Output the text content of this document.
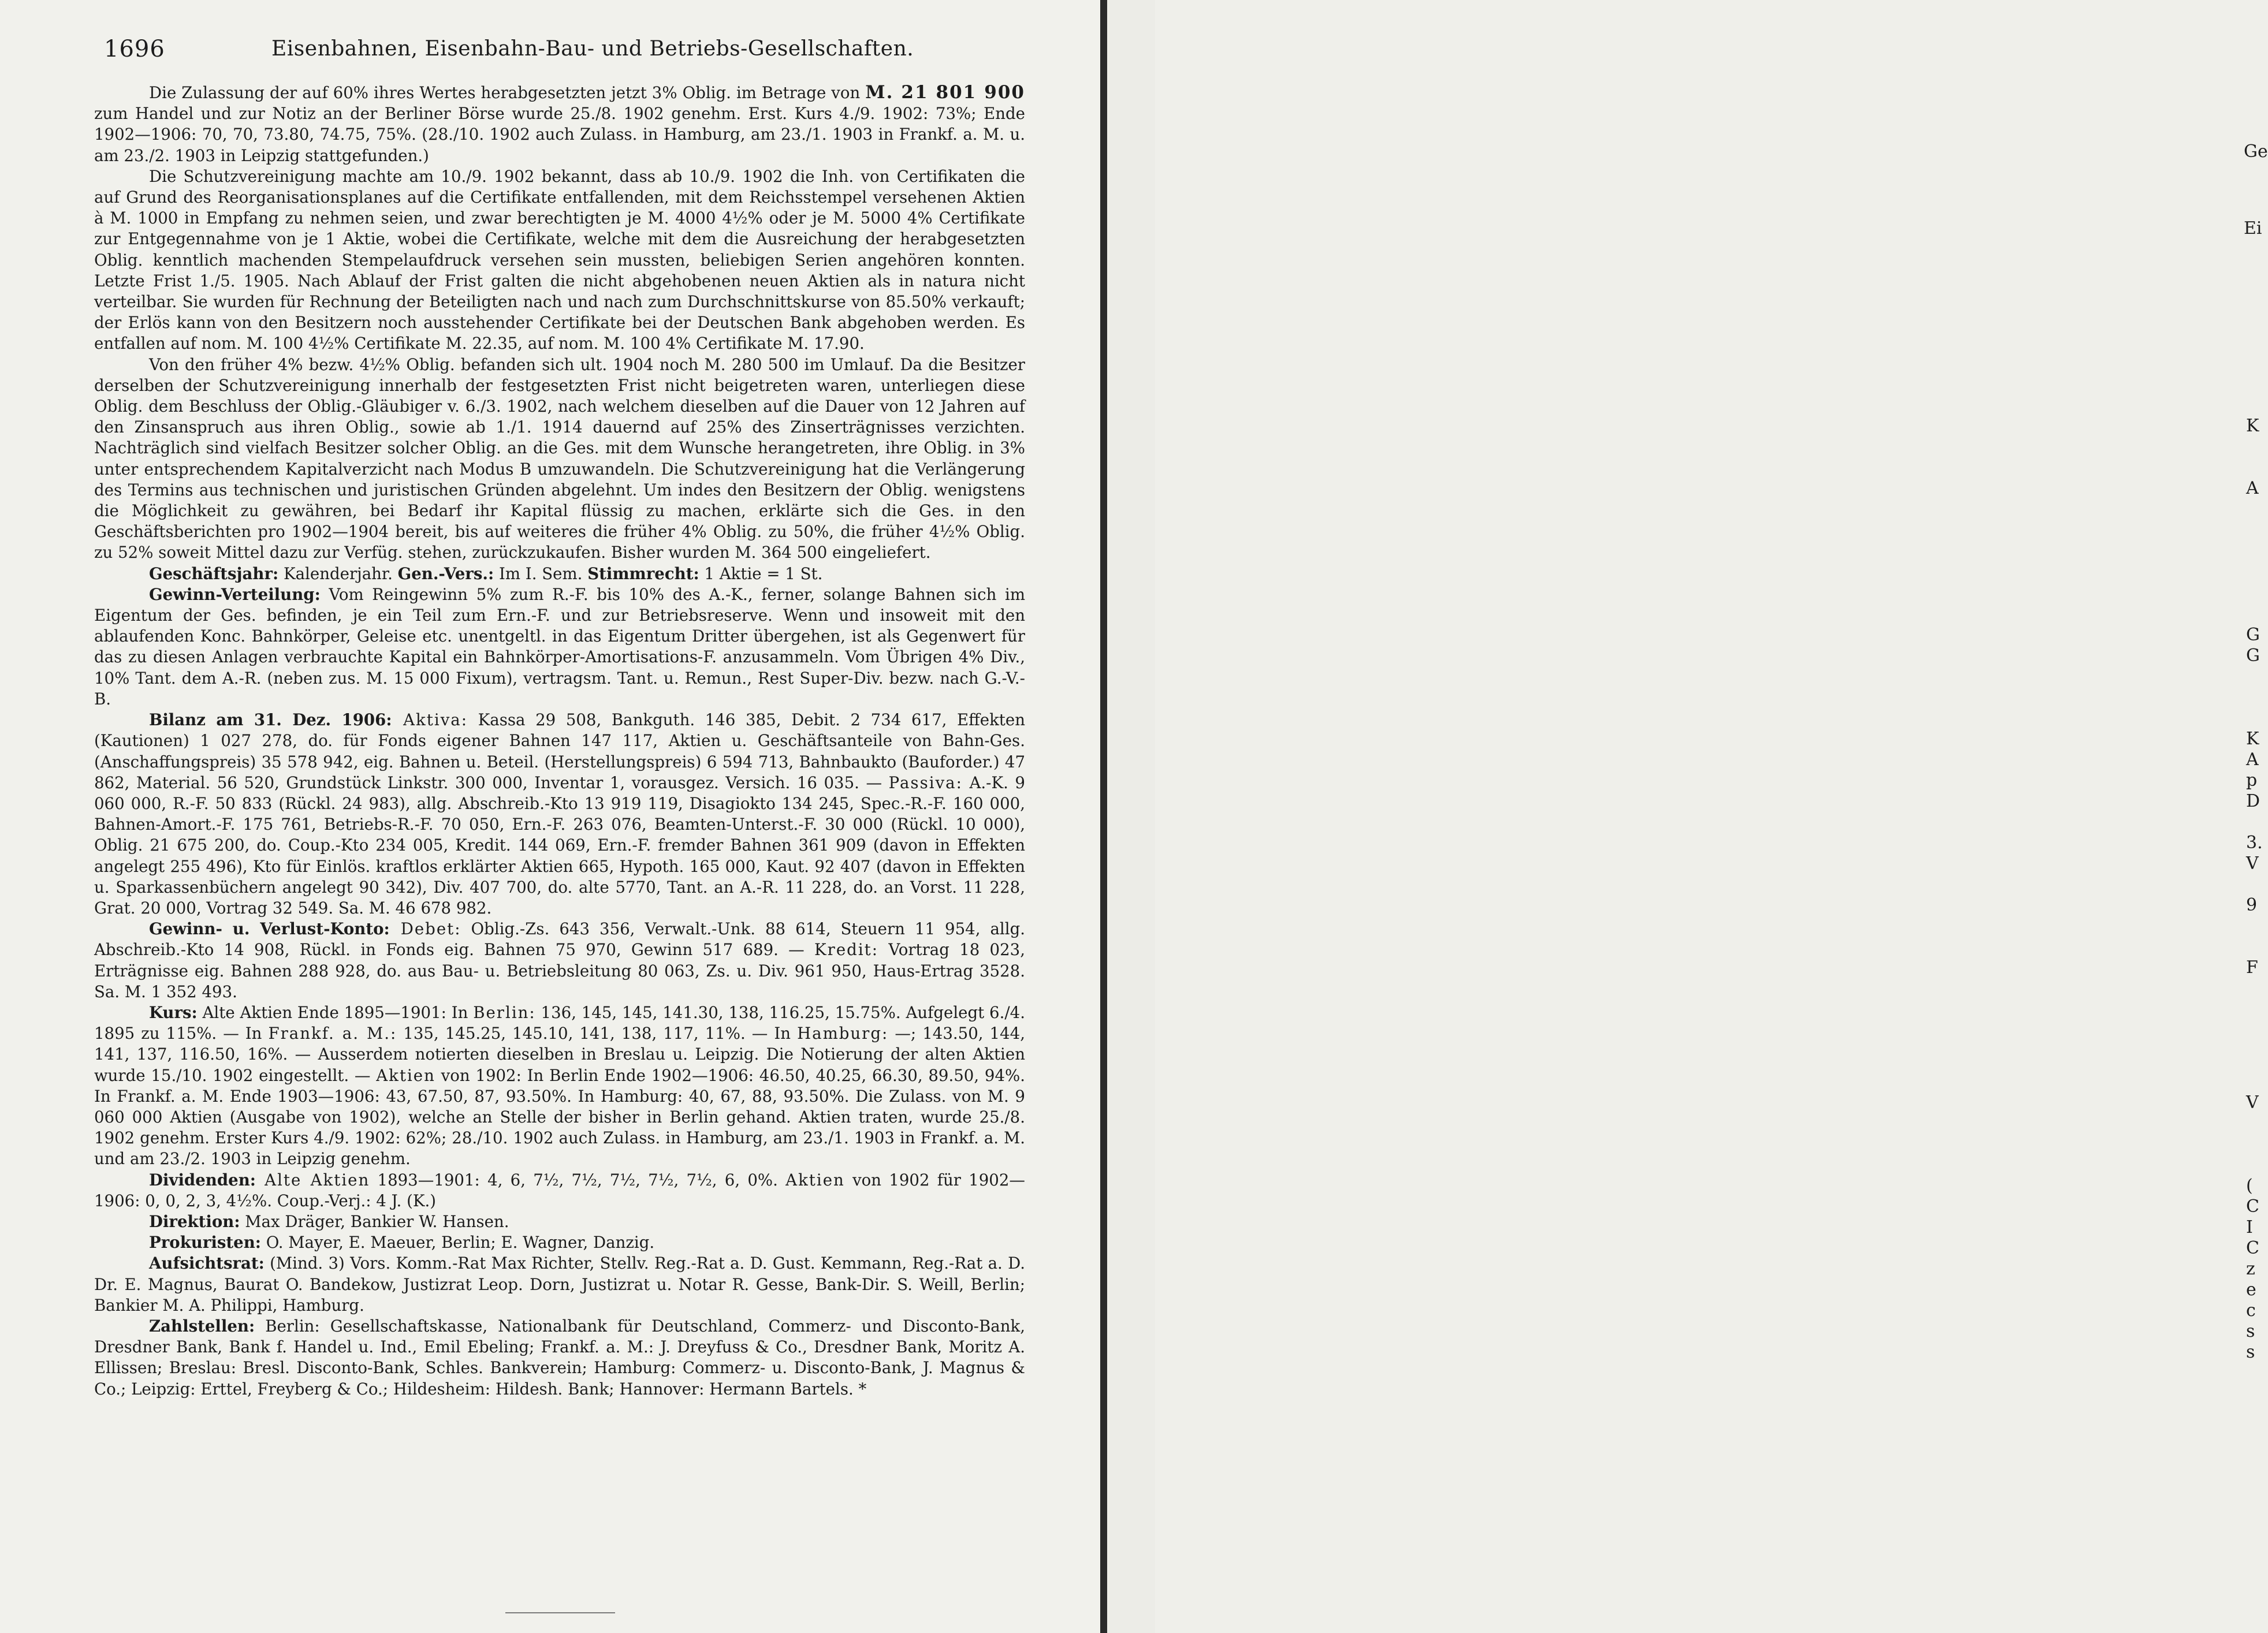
1696	Eisenbahnen, Eisenbahn-Bau- und Betriebs-Gesellschaften.

Die Zulassung der auf 60% ihres Wertes herabgesetzten jetzt 3% Oblig. im Betrage von M. 21 801 900 zum Handel und zur Notiz an der Berliner Börse wurde 25./8. 1902 genehm. Erst. Kurs 4./9. 1902: 73%; Ende 1902—1906: 70, 70, 73.80, 74.75, 75%. (28./10. 1902 auch Zulass. in Hamburg, am 23./1. 1903 in Frankf. a. M. u. am 23./2. 1903 in Leipzig stattgefunden.)

Die Schutzvereinigung machte am 10./9. 1902 bekannt, dass ab 10./9. 1902 die Inh. von Certifikaten die auf Grund des Reorganisationsplanes auf die Certifikate entfallenden, mit dem Reichsstempel versehenen Aktien à M. 1000 in Empfang zu nehmen seien, und zwar berechtigten je M. 4000 4½% oder je M. 5000 4% Certifikate zur Entgegennahme von je 1 Aktie, wobei die Certifikate, welche mit dem die Ausreichung der herabgesetzten Oblig. kenntlich machenden Stempelaufdruck versehen sein mussten, beliebigen Serien angehören konnten. Letzte Frist 1./5. 1905. Nach Ablauf der Frist galten die nicht abgehobenen neuen Aktien als in natura nicht verteilbar. Sie wurden für Rechnung der Beteiligten nach und nach zum Durchschnittskurse von 85.50% verkauft; der Erlös kann von den Besitzern noch ausstehender Certifikate bei der Deutschen Bank abgehoben werden. Es entfallen auf nom. M. 100 4½% Certifikate M. 22.35, auf nom. M. 100 4% Certifikate M. 17.90.

Von den früher 4% bezw. 4½% Oblig. befanden sich ult. 1904 noch M. 280 500 im Umlauf. Da die Besitzer derselben der Schutzvereinigung innerhalb der festgesetzten Frist nicht beigetreten waren, unterliegen diese Oblig. dem Beschluss der Oblig.-Gläubiger v. 6./3. 1902, nach welchem dieselben auf die Dauer von 12 Jahren auf den Zinsanspruch aus ihren Oblig., sowie ab 1./1. 1914 dauernd auf 25% des Zinserträgnisses verzichten. Nachträglich sind vielfach Besitzer solcher Oblig. an die Ges. mit dem Wunsche herangetreten, ihre Oblig. in 3% unter entsprechendem Kapitalverzicht nach Modus B umzuwandeln. Die Schutzvereinigung hat die Verlängerung des Termins aus technischen und juristischen Gründen abgelehnt. Um indes den Besitzern der Oblig. wenigstens die Möglichkeit zu gewähren, bei Bedarf ihr Kapital flüssig zu machen, erklärte sich die Ges. in den Geschäftsberichten pro 1902—1904 bereit, bis auf weiteres die früher 4% Oblig. zu 50%, die früher 4½% Oblig. zu 52% soweit Mittel dazu zur Verfüg. stehen, zurückzukaufen. Bisher wurden M. 364 500 eingeliefert.

Geschäftsjahr: Kalenderjahr. Gen.-Vers.: Im I. Sem. Stimmrecht: 1 Aktie = 1 St.

Gewinn-Verteilung: Vom Reingewinn 5% zum R.-F. bis 10% des A.-K., ferner, solange Bahnen sich im Eigentum der Ges. befinden, je ein Teil zum Ern.-F. und zur Betriebsreserve. Wenn und insoweit mit den ablaufenden Konc. Bahnkörper, Geleise etc. unentgeltl. in das Eigentum Dritter übergehen, ist als Gegenwert für das zu diesen Anlagen verbrauchte Kapital ein Bahnkörper-Amortisations-F. anzusammeln. Vom Übrigen 4% Div., 10% Tant. dem A.-R. (neben zus. M. 15 000 Fixum), vertragsm. Tant. u. Remun., Rest Super-Div. bezw. nach G.-V.-B.

Bilanz am 31. Dez. 1906: Aktiva: Kassa 29 508, Bankguth. 146 385, Debit. 2 734 617, Effekten (Kautionen) 1 027 278, do. für Fonds eigener Bahnen 147 117, Aktien u. Geschäftsanteile von Bahn-Ges. (Anschaffungspreis) 35 578 942, eig. Bahnen u. Beteil. (Herstellungspreis) 6 594 713, Bahnbaukto (Bauforder.) 47 862, Material. 56 520, Grundstück Linkstr. 300 000, Inventar 1, vorausgez. Versich. 16 035. — Passiva: A.-K. 9 060 000, R.-F. 50 833 (Rückl. 24 983), allg. Abschreib.-Kto 13 919 119, Disagiokto 134 245, Spec.-R.-F. 160 000, Bahnen-Amort.-F. 175 761, Betriebs-R.-F. 70 050, Ern.-F. 263 076, Beamten-Unterst.-F. 30 000 (Rückl. 10 000), Oblig. 21 675 200, do. Coup.-Kto 234 005, Kredit. 144 069, Ern.-F. fremder Bahnen 361 909 (davon in Effekten angelegt 255 496), Kto für Einlös. kraftlos erklärter Aktien 665, Hypoth. 165 000, Kaut. 92 407 (davon in Effekten u. Sparkassenbüchern angelegt 90 342), Div. 407 700, do. alte 5770, Tant. an A.-R. 11 228, do. an Vorst. 11 228, Grat. 20 000, Vortrag 32 549. Sa. M. 46 678 982.

Gewinn- u. Verlust-Konto: Debet: Oblig.-Zs. 643 356, Verwalt.-Unk. 88 614, Steuern 11 954, allg. Abschreib.-Kto 14 908, Rückl. in Fonds eig. Bahnen 75 970, Gewinn 517 689. — Kredit: Vortrag 18 023, Erträgnisse eig. Bahnen 288 928, do. aus Bau- u. Betriebsleitung 80 063, Zs. u. Div. 961 950, Haus-Ertrag 3528. Sa. M. 1 352 493.

Kurs: Alte Aktien Ende 1895—1901: In Berlin: 136, 145, 145, 141.30, 138, 116.25, 15.75%. Aufgelegt 6./4. 1895 zu 115%. — In Frankf. a. M.: 135, 145.25, 145.10, 141, 138, 117, 11%. — In Hamburg: —; 143.50, 144, 141, 137, 116.50, 16%. — Ausserdem notierten dieselben in Breslau u. Leipzig. Die Notierung der alten Aktien wurde 15./10. 1902 eingestellt. — Aktien von 1902: In Berlin Ende 1902—1906: 46.50, 40.25, 66.30, 89.50, 94%. In Frankf. a. M. Ende 1903—1906: 43, 67.50, 87, 93.50%. In Hamburg: 40, 67, 88, 93.50%. Die Zulass. von M. 9 060 000 Aktien (Ausgabe von 1902), welche an Stelle der bisher in Berlin gehand. Aktien traten, wurde 25./8. 1902 genehm. Erster Kurs 4./9. 1902: 62%; 28./10. 1902 auch Zulass. in Hamburg, am 23./1. 1903 in Frankf. a. M. und am 23./2. 1903 in Leipzig genehm.

Dividenden: Alte Aktien 1893—1901: 4, 6, 7½, 7½, 7½, 7½, 7½, 6, 0%. Aktien von 1902 für 1902—1906: 0, 0, 2, 3, 4½%. Coup.-Verj.: 4 J. (K.)

Direktion: Max Dräger, Bankier W. Hansen.

Prokuristen: O. Mayer, E. Maeuer, Berlin; E. Wagner, Danzig.

Aufsichtsrat: (Mind. 3) Vors. Komm.-Rat Max Richter, Stellv. Reg.-Rat a. D. Gust. Kemmann, Reg.-Rat a. D. Dr. E. Magnus, Baurat O. Bandekow, Justizrat Leop. Dorn, Justizrat u. Notar R. Gesse, Bank-Dir. S. Weill, Berlin; Bankier M. A. Philippi, Hamburg.

Zahlstellen: Berlin: Gesellschaftskasse, Nationalbank für Deutschland, Commerz- und Disconto-Bank, Dresdner Bank, Bank f. Handel u. Ind., Emil Ebeling; Frankf. a. M.: J. Dreyfuss & Co., Dresdner Bank, Moritz A. Ellissen; Breslau: Bresl. Disconto-Bank, Schles. Bankverein; Hamburg: Commerz- u. Disconto-Bank, J. Magnus & Co.; Leipzig: Erttel, Freyberg & Co.; Hildesheim: Hildesh. Bank; Hannover: Hermann Bartels. *

Ge
Ei
K
A
G
G
K
A
p
D
3.
V
9
F
V
(
C
I
C
z
e
c
s
s
